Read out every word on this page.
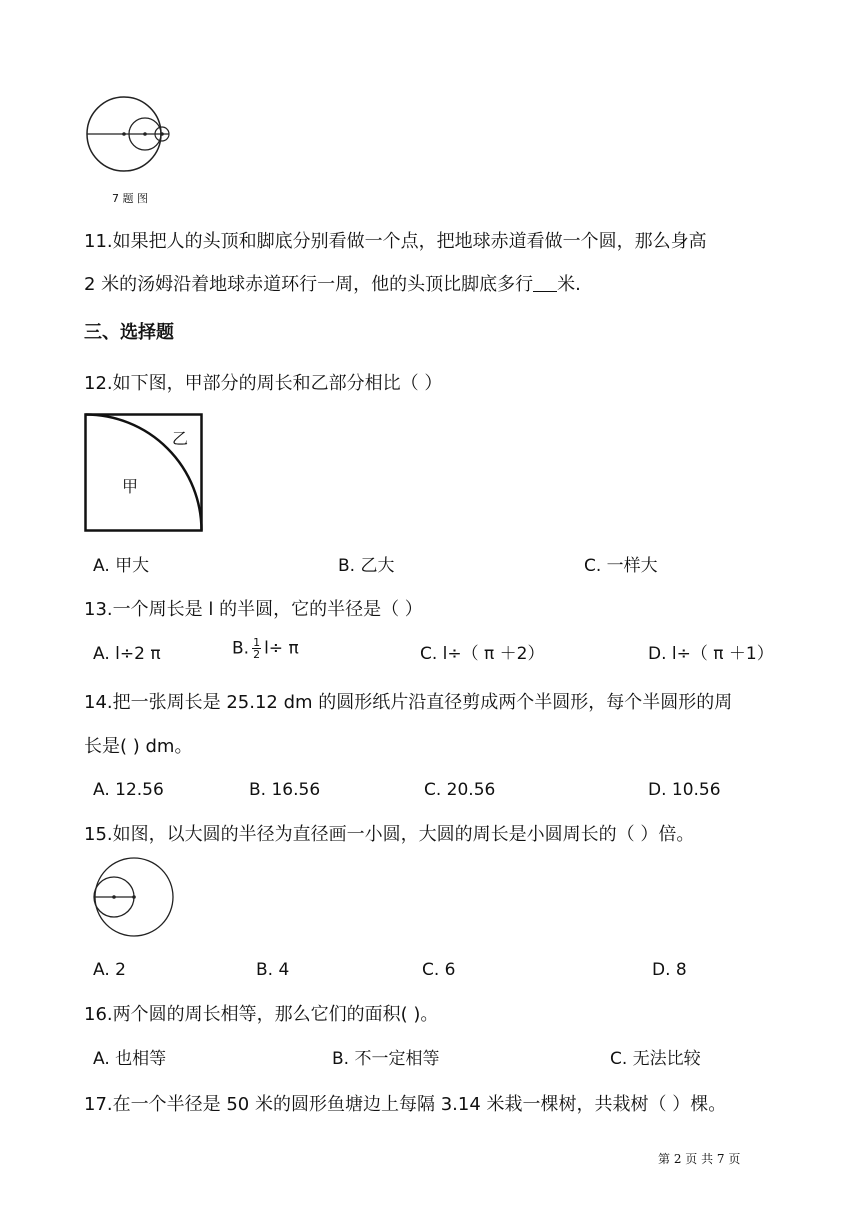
7 题 图
11.如果把人的头顶和脚底分别看做一个点，把地球赤道看做一个圆，那么身高
2 米的汤姆沿着地球赤道环行一周，他的头顶比脚底多行 米.
三、选择题
12.如下图，甲部分的周长和乙部分相比（ ）
乙
甲
A. 甲大	B. 乙大	C. 一样大
13.一个周长是 l 的半圆，它的半径是（ ）
A. l÷2 π	B. $\frac{1}{2} l\div \pi$	C. l÷（ π ＋2）	D. l÷（ π ＋1）
14.把一张周长是 25.12 dm 的圆形纸片沿直径剪成两个半圆形，每个半圆形的周
长是( ) dm。
A. 12.56	B. 16.56	C. 20.56	D. 10.56
15.如图，以大圆的半径为直径画一小圆，大圆的周长是小圆周长的（ ）倍。
A. 2	B. 4	C. 6	D. 8
16.两个圆的周长相等，那么它们的面积( )。
A. 也相等	B. 不一定相等	C. 无法比较
17.在一个半径是 50 米的圆形鱼塘边上每隔 3.14 米栽一棵树，共栽树（ ）棵。
第 2 页 共 7 页
